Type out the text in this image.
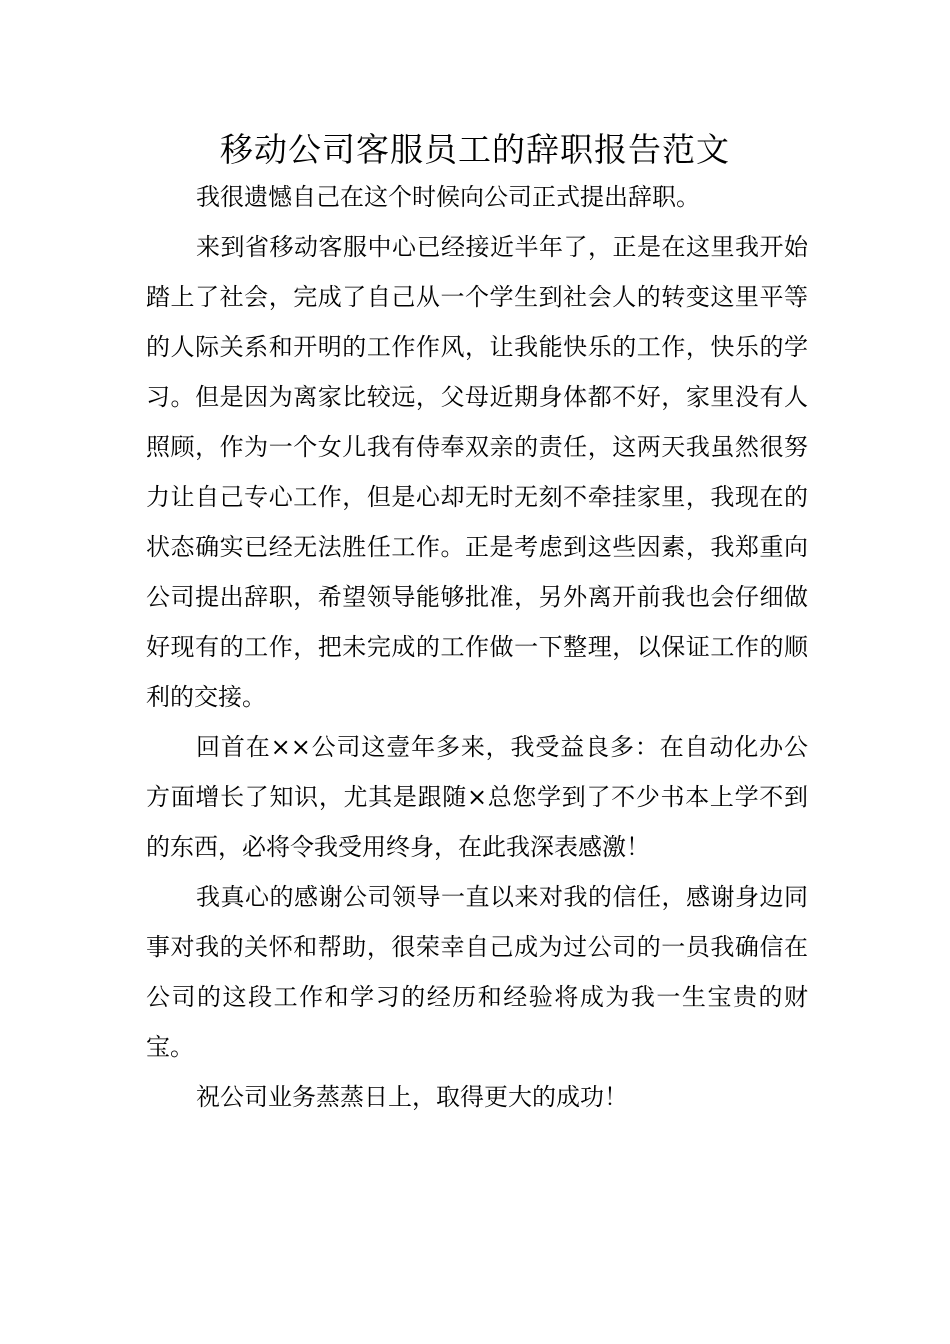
移动公司客服员工的辞职报告范文

我很遗憾自己在这个时候向公司正式提出辞职。

来到省移动客服中心已经接近半年了，正是在这里我开始踏上了社会，完成了自己从一个学生到社会人的转变这里平等的人际关系和开明的工作作风，让我能快乐的工作，快乐的学习。但是因为离家比较远，父母近期身体都不好，家里没有人照顾，作为一个女儿我有侍奉双亲的责任，这两天我虽然很努力让自己专心工作，但是心却无时无刻不牵挂家里，我现在的状态确实已经无法胜任工作。正是考虑到这些因素，我郑重向公司提出辞职，希望领导能够批准，另外离开前我也会仔细做好现有的工作，把未完成的工作做一下整理，以保证工作的顺利的交接。

回首在××公司这壹年多来，我受益良多：在自动化办公方面增长了知识，尤其是跟随×总您学到了不少书本上学不到的东西，必将令我受用终身，在此我深表感激！

我真心的感谢公司领导一直以来对我的信任，感谢身边同事对我的关怀和帮助，很荣幸自己成为过公司的一员我确信在公司的这段工作和学习的经历和经验将成为我一生宝贵的财宝。

祝公司业务蒸蒸日上，取得更大的成功！
